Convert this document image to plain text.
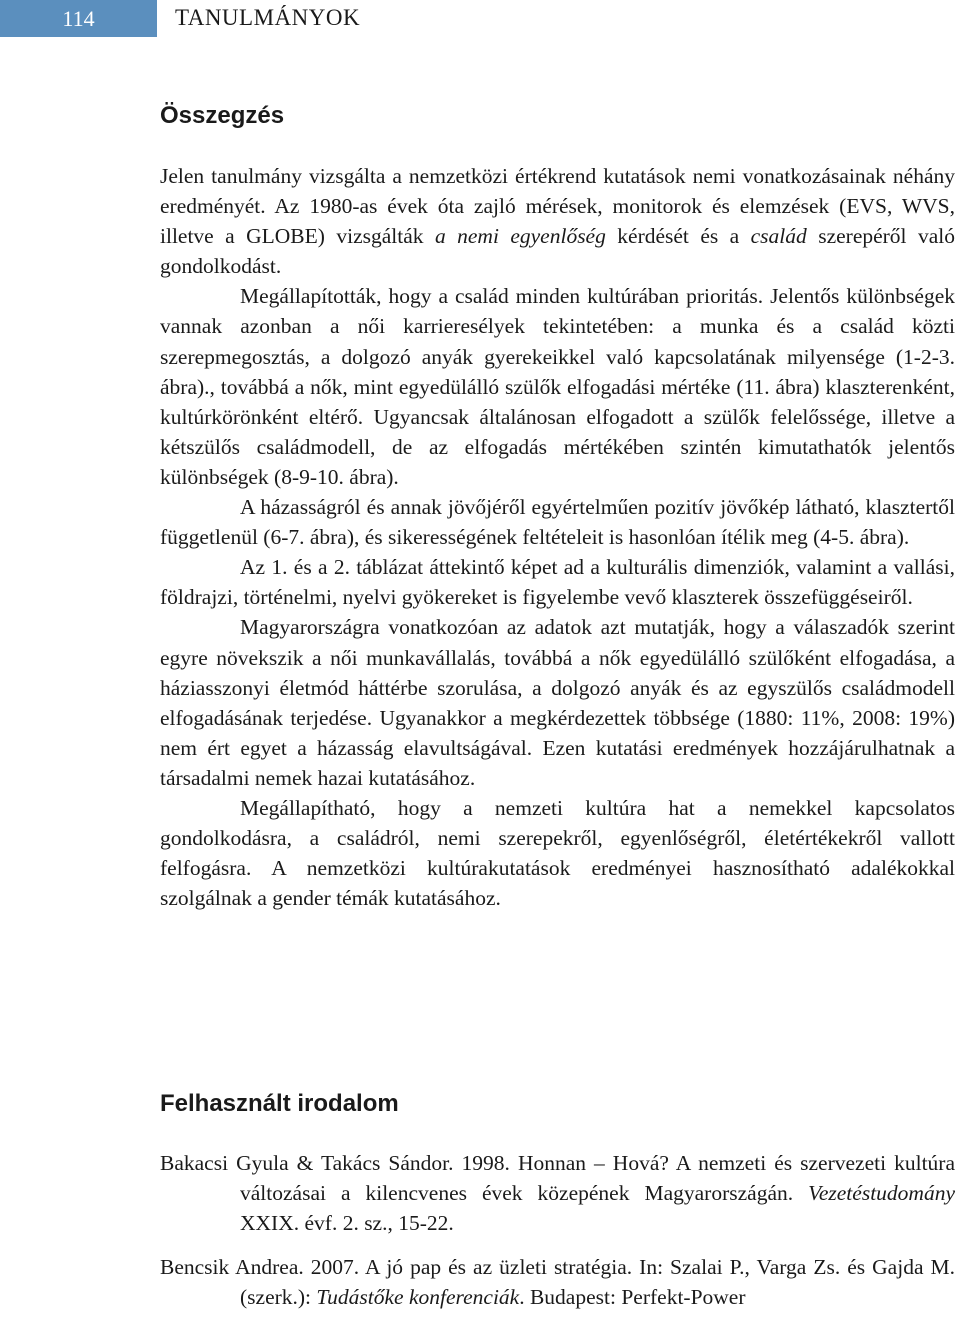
114	TANULMÁNYOK
Összegzés

Jelen tanulmány vizsgálta a nemzetközi értékrend kutatások nemi vonatkozásainak néhány eredményét. Az 1980-as évek óta zajló mérések, monitorok és elemzések (EVS, WVS, illetve a GLOBE) vizsgálták a nemi egyenlőség kérdését és a család szerepéről való gondolkodást.

Megállapították, hogy a család minden kultúrában prioritás. Jelentős különbségek vannak azonban a női karrieresélyek tekintetében: a munka és a család közti szerepmegosztás, a dolgozó anyák gyerekeikkel való kapcsolatának milyensége (1-2-3. ábra)., továbbá a nők, mint egyedülálló szülők elfogadási mértéke (11. ábra) klaszterenként, kultúrkörönként eltérő. Ugyancsak általánosan elfogadott a szülők felelőssége, illetve a kétszülős családmodell, de az elfogadás mértékében szintén kimutathatók jelentős különbségek (8-9-10. ábra).

A házasságról és annak jövőjéről egyértelműen pozitív jövőkép látható, klasztertől függetlenül (6-7. ábra), és sikerességének feltételeit is hasonlóan ítélik meg (4-5. ábra).

Az 1. és a 2. táblázat áttekintő képet ad a kulturális dimenziók, valamint a vallási, földrajzi, történelmi, nyelvi gyökereket is figyelembe vevő klaszterek összefüggéseiről.

Magyarországra vonatkozóan az adatok azt mutatják, hogy a válaszadók szerint egyre növekszik a női munkavállalás, továbbá a nők egyedülálló szülőként elfogadása, a háziasszonyi életmód háttérbe szorulása, a dolgozó anyák és az egyszülős családmodell elfogadásának terjedése. Ugyanakkor a megkérdezettek többsége (1880: 11%, 2008: 19%) nem ért egyet a házasság elavultságával. Ezen kutatási eredmények hozzájárulhatnak a társadalmi nemek hazai kutatásához.

Megállapítható, hogy a nemzeti kultúra hat a nemekkel kapcsolatos gondolkodásra, a családról, nemi szerepekről, egyenlőségről, életértékekről vallott felfogásra. A nemzetközi kultúrakutatások eredményei hasznosítható adalékokkal szolgálnak a gender témák kutatásához.

Felhasznált irodalom

Bakacsi Gyula & Takács Sándor. 1998. Honnan – Hová? A nemzeti és szervezeti kultúra változásai a kilencvenes évek közepének Magyarországán. Vezetéstudomány XXIX. évf. 2. sz., 15-22.

Bencsik Andrea. 2007. A jó pap és az üzleti stratégia. In: Szalai P., Varga Zs. és Gajda M. (szerk.): Tudástőke konferenciák. Budapest: Perfekt-Power
